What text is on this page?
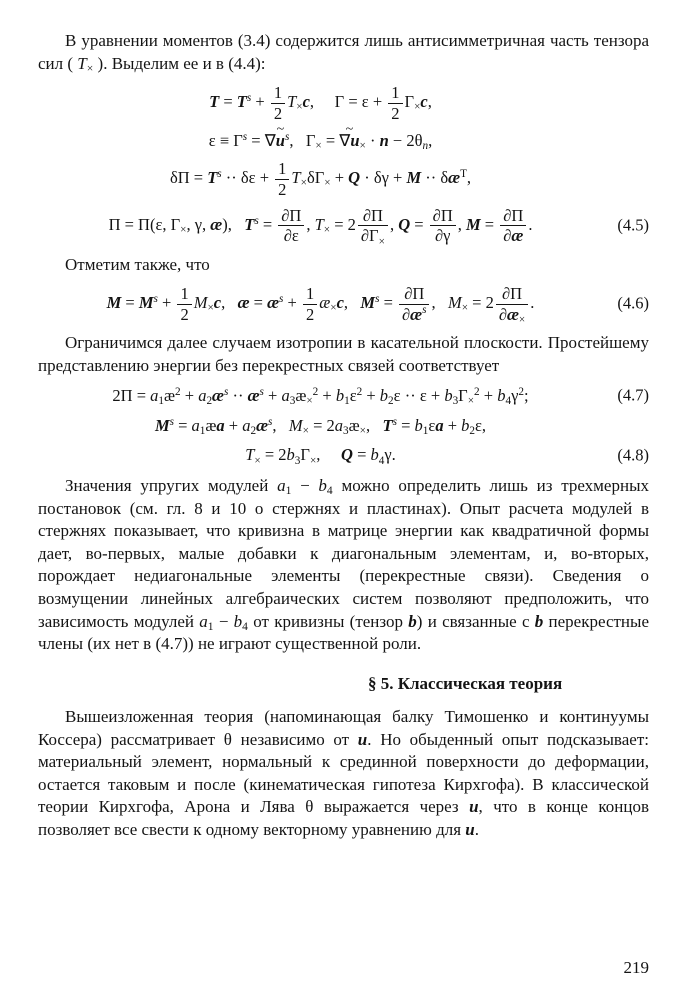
В уравнении моментов (3.4) содержится лишь антисимметричная часть тензора сил ( $T_\times$ ). Выделим ее и в (4.4):

$T = T^s + \frac{1}{2} T_\times c$,  $\Gamma = \varepsilon + \frac{1}{2} \Gamma_\times c$,
$\varepsilon \equiv \Gamma^s = \nabla u$ ~$^s$,  $\Gamma_\times = \nabla u$ $\sim_\times \cdot n - 2\theta_n$,
$\delta\Pi = T^s \cdot\cdot \delta\varepsilon + \frac{1}{2} T_\times\delta\Gamma_\times + Q \cdot \delta\gamma + M$ ·· $\delta æ^T$,
Π = Π(ε, $\Gamma_\times$, γ, æ),  $T^s = \frac{\partial\Pi}{\partial\varepsilon}$ , $T_\times = 2 \frac{\partial\Pi}{\partial\Gamma_\times}$ , $Q = \frac{\partial\Pi}{\partial\gamma}$ , $M = \frac{\partial\Pi}{\partial æ}$ .	(4.5)

Отметим также, что

$M = M^s + \frac{1}{2} M_\times c$,  æ = $æ^s + \frac{1}{2}$ $æ_\times c$,  $M^s = \frac{\partial\Pi}{\partial æ^s}$ ,  $M_\times = 2 \frac{\partial\Pi}{\partial æ_\times}$ .	(4.6)

Ограничимся далее случаем изотропии в касательной плоскости. Простейшему представлению энергии без перекрестных связей соответствует

$2\Pi = a_1æ^2$ + $a_2æ^s$ ·· $æ^s$ + $a_3æ_\times^2 + b_1\varepsilon^2 + b_2\varepsilon \cdot\cdot \varepsilon + b_3\Gamma_\times^2 + b_4\gamma^2$;	(4.7)
$M^s$ = $a_1æa$ + $a_2æ^s$,  $M_\times$ = $2a_3æ_\times$,  $T^s = b_1\varepsilon a + b_2\varepsilon$,
$T_\times = 2b_3\Gamma_\times$,  $Q = b_4\gamma$.	(4.8)

Значения упругих модулей $a_1 - b_4$ можно определить лишь из трехмерных постановок (см. гл. 8 и 10 о стержнях и пластинах). Опыт расчета модулей в стержнях показывает, что кривизна в матрице энергии как квадратичной формы дает, во-первых, малые добавки к диагональным элементам, и, во-вторых, порождает недиагональные элементы (перекрестные связи). Сведения о возмущении линейных алгебраических систем позволяют предположить, что зависимость модулей $a_1 - b_4$ от кривизны (тензор b) и связанные с b перекрестные члены (их нет в (4.7)) не играют существенной роли.

§ 5. Классическая теория

Вышеизложенная теория (напоминающая балку Тимошенко и континуумы Коссера) рассматривает θ независимо от u. Но обыденный опыт подсказывает: материальный элемент, нормальный к срединной поверхности до деформации, остается таковым и после (кинематическая гипотеза Кирхгофа). В классической теории Кирхгофа, Арона и Лява θ выражается через u, что в конце концов позволяет все свести к одному векторному уравнению для u.

219
